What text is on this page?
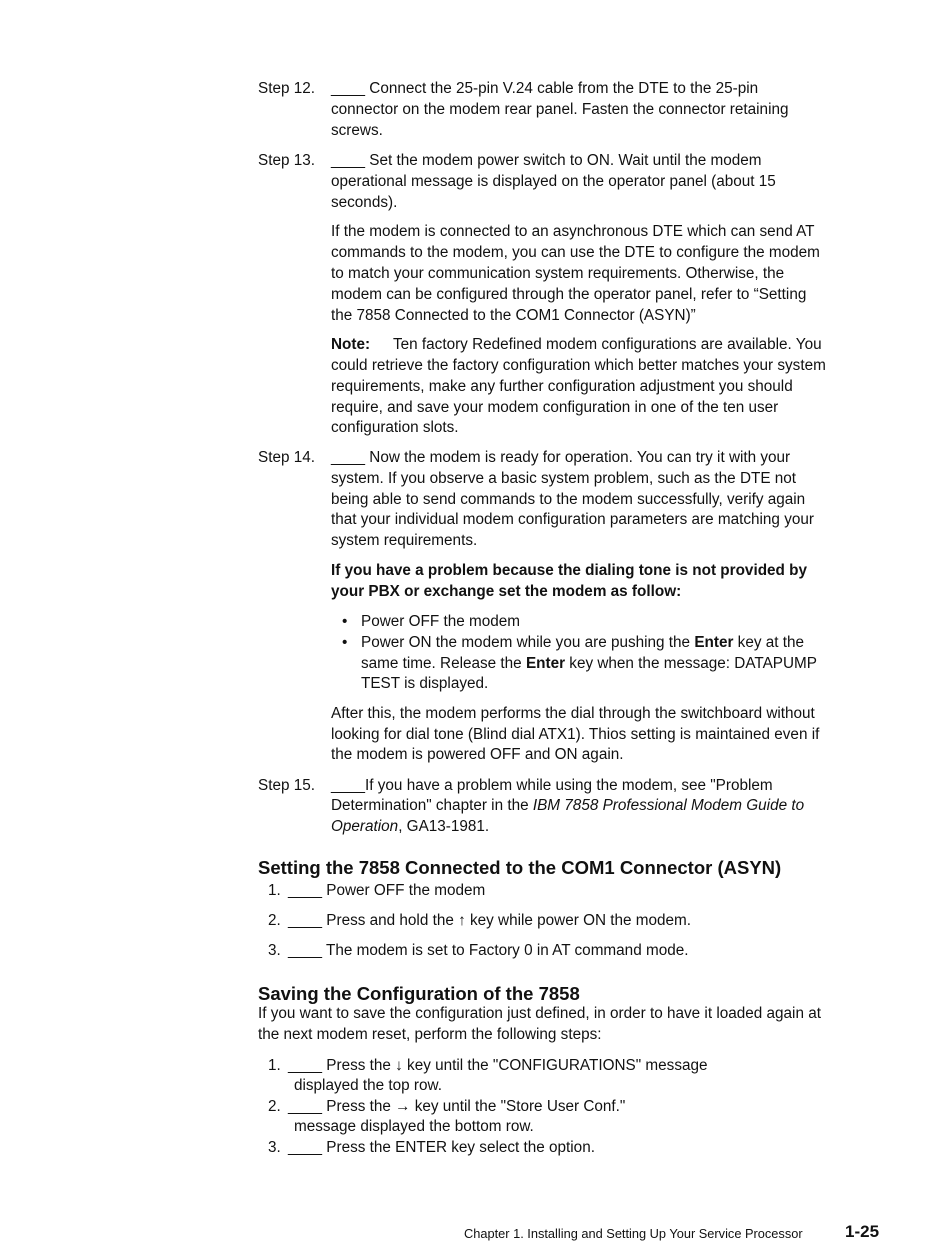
Step 12. ____ Connect the 25-pin V.24 cable from the DTE to the 25-pin
connector on the modem rear panel. Fasten the connector retaining
screws.
Step 13. ____ Set the modem power switch to ON. Wait until the modem
operational message is displayed on the operator panel (about 15
seconds).
If the modem is connected to an asynchronous DTE which can send AT
commands to the modem, you can use the DTE to configure the modem
to match your communication system requirements. Otherwise, the
modem can be configured through the operator panel, refer to “Setting
the 7858 Connected to the COM1 Connector (ASYN)”
Note: Ten factory Redefined modem configurations are available. You
could retrieve the factory configuration which better matches your system
requirements, make any further configuration adjustment you should
require, and save your modem configuration in one of the ten user
configuration slots.
Step 14. ____ Now the modem is ready for operation. You can try it with your
system. If you observe a basic system problem, such as the DTE not
being able to send commands to the modem successfully, verify again
that your individual modem configuration parameters are matching your
system requirements.
If you have a problem because the dialing tone is not provided by
your PBX or exchange set the modem as follow:
• Power OFF the modem
• Power ON the modem while you are pushing the Enter key at the
same time. Release the Enter key when the message: DATAPUMP
TEST is displayed.
After this, the modem performs the dial through the switchboard without
looking for dial tone (Blind dial ATX1). Thios setting is maintained even if
the modem is powered OFF and ON again.
Step 15. ____If you have a problem while using the modem, see "Problem
Determination" chapter in the IBM 7858 Professional Modem Guide to
Operation, GA13-1981.
Setting the 7858 Connected to the COM1 Connector (ASYN)
1. ____ Power OFF the modem
2. ____ Press and hold the ↑ key while power ON the modem.
3. ____ The modem is set to Factory 0 in AT command mode.
Saving the Configuration of the 7858
If you want to save the configuration just defined, in order to have it loaded again at
the next modem reset, perform the following steps:
1. ____ Press the ↓ key until the "CONFIGURATIONS" message
displayed the top row.
2. ____ Press the → key until the "Store User Conf."
message displayed the bottom row.
3. ____ Press the ENTER key select the option.
Chapter 1. Installing and Setting Up Your Service Processor 1-25
